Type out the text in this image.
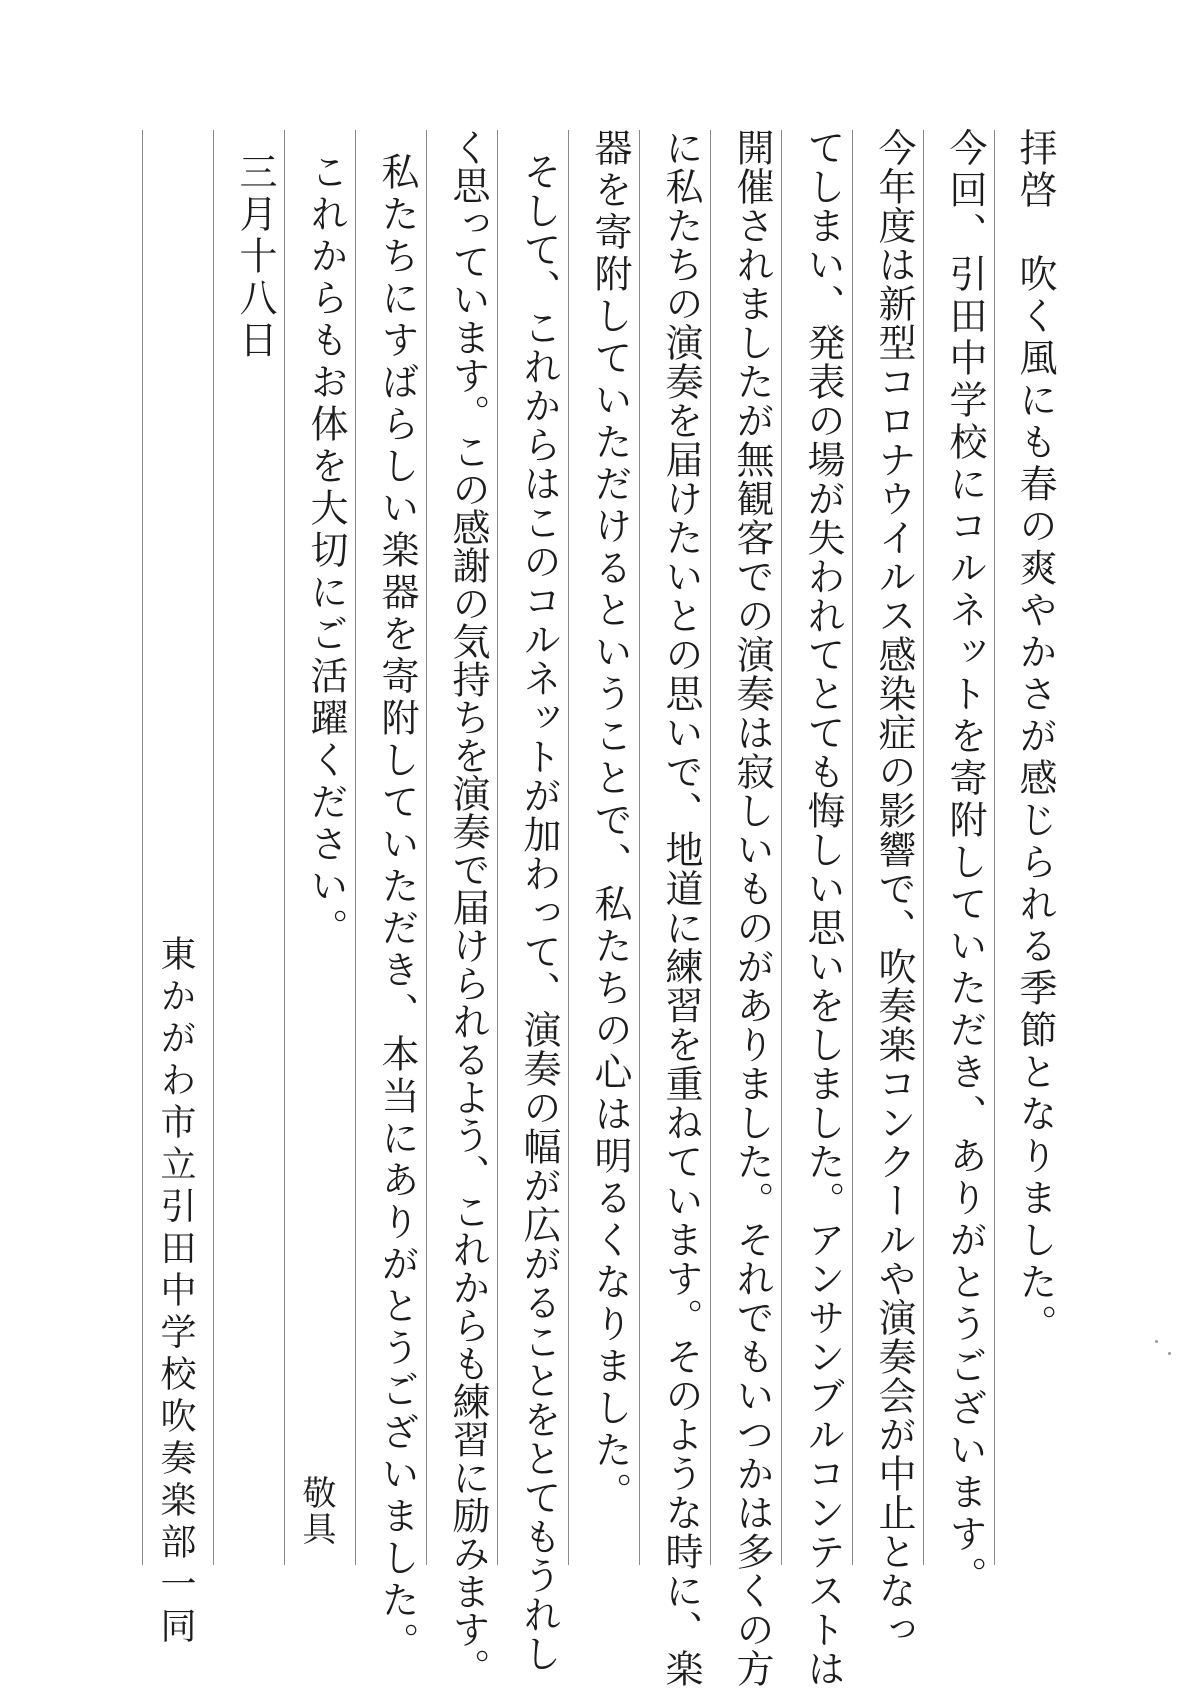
拝啓　吹く風にも春の爽やかさが感じられる季節となりました。
今回、引田中学校にコルネットを寄附していただき、ありがとうございます。
今年度は新型コロナウイルス感染症の影響で、吹奏楽コンクールや演奏会が中止となっ
てしまい、発表の場が失われてとても悔しい思いをしました。アンサンブルコンテストは
開催されましたが無観客での演奏は寂しいものがありました。それでもいつかは多くの方
に私たちの演奏を届けたいとの思いで、地道に練習を重ねています。そのような時に、楽
器を寄附していただけるということで、私たちの心は明るくなりました。
そして、これからはこのコルネットが加わって、演奏の幅が広がることをとてもうれし
く思っています。この感謝の気持ちを演奏で届けられるよう、これからも練習に励みます。
私たちにすばらしい楽器を寄附していただき、本当にありがとうございました。
これからもお体を大切にご活躍ください。
三月十八日
敬具
東かがわ市立引田中学校吹奏楽部一同
